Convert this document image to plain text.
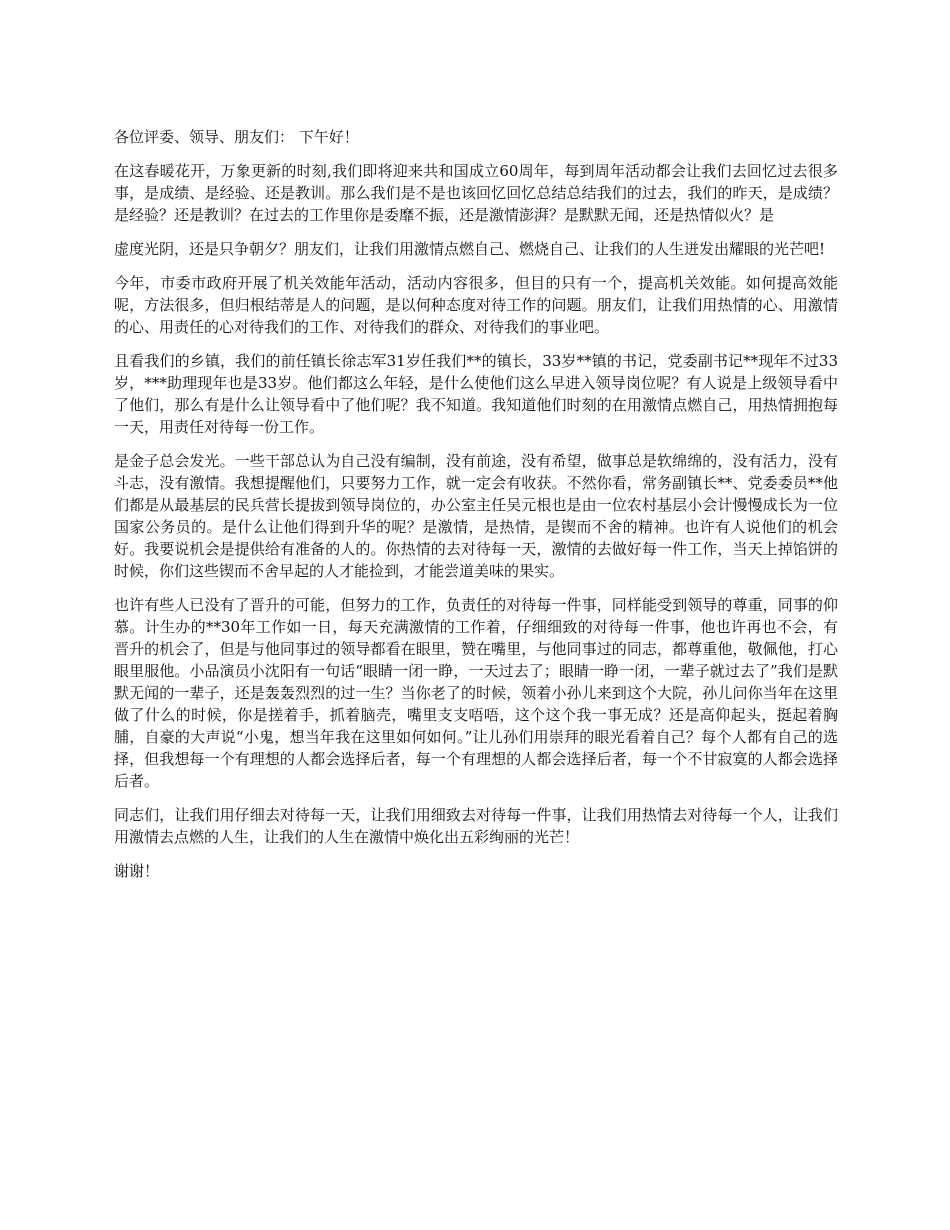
各位评委、领导、朋友们： 下午好！

在这春暖花开，万象更新的时刻,我们即将迎来共和国成立60周年，每到周年活动都会让我们去回忆过去很多事，是成绩、是经验、还是教训。那么我们是不是也该回忆回忆总结总结我们的过去，我们的昨天，是成绩？是经验？还是教训？在过去的工作里你是委靡不振，还是激情澎湃？是默默无闻，还是热情似火？是

虚度光阴，还是只争朝夕？朋友们，让我们用激情点燃自己、燃烧自己、让我们的人生迸发出耀眼的光芒吧!

今年，市委市政府开展了机关效能年活动，活动内容很多，但目的只有一个，提高机关效能。如何提高效能呢，方法很多，但归根结蒂是人的问题，是以何种态度对待工作的问题。朋友们，让我们用热情的心、用激情的心、用责任的心对待我们的工作、对待我们的群众、对待我们的事业吧。

且看我们的乡镇，我们的前任镇长徐志军31岁任我们**的镇长，33岁**镇的书记，党委副书记**现年不过33岁，***助理现年也是33岁。他们都这么年轻，是什么使他们这么早进入领导岗位呢？有人说是上级领导看中了他们，那么有是什么让领导看中了他们呢？我不知道。我知道他们时刻的在用激情点燃自己，用热情拥抱每一天，用责任对待每一份工作。

是金子总会发光。一些干部总认为自己没有编制，没有前途，没有希望，做事总是软绵绵的，没有活力，没有斗志，没有激情。我想提醒他们，只要努力工作，就一定会有收获。不然你看，常务副镇长**、党委委员**他们都是从最基层的民兵营长提拔到领导岗位的，办公室主任吴元根也是由一位农村基层小会计慢慢成长为一位国家公务员的。是什么让他们得到升华的呢？是激情，是热情，是锲而不舍的精神。也许有人说他们的机会好。我要说机会是提供给有准备的人的。你热情的去对待每一天，激情的去做好每一件工作，当天上掉馅饼的时候，你们这些锲而不舍早起的人才能捡到，才能尝道美味的果实。

也许有些人已没有了晋升的可能，但努力的工作，负责任的对待每一件事，同样能受到领导的尊重，同事的仰慕。计生办的**30年工作如一日，每天充满激情的工作着，仔细细致的对待每一件事，他也许再也不会，有晋升的机会了，但是与他同事过的领导都看在眼里，赞在嘴里，与他同事过的同志，都尊重他，敬佩他，打心眼里服他。小品演员小沈阳有一句话“眼睛一闭一睁，一天过去了；眼睛一睁一闭，一辈子就过去了”我们是默默无闻的一辈子，还是轰轰烈烈的过一生？当你老了的时候，领着小孙儿来到这个大院，孙儿问你当年在这里做了什么的时候，你是搓着手，抓着脑壳，嘴里支支唔唔，这个这个我一事无成？还是高仰起头，挺起着胸脯，自豪的大声说“小鬼，想当年我在这里如何如何。”让儿孙们用崇拜的眼光看着自己？每个人都有自己的选择，但我想每一个有理想的人都会选择后者，每一个有理想的人都会选择后者，每一个不甘寂寞的人都会选择后者。

同志们，让我们用仔细去对待每一天，让我们用细致去对待每一件事，让我们用热情去对待每一个人，让我们用激情去点燃的人生，让我们的人生在激情中焕化出五彩绚丽的光芒！

谢谢！
